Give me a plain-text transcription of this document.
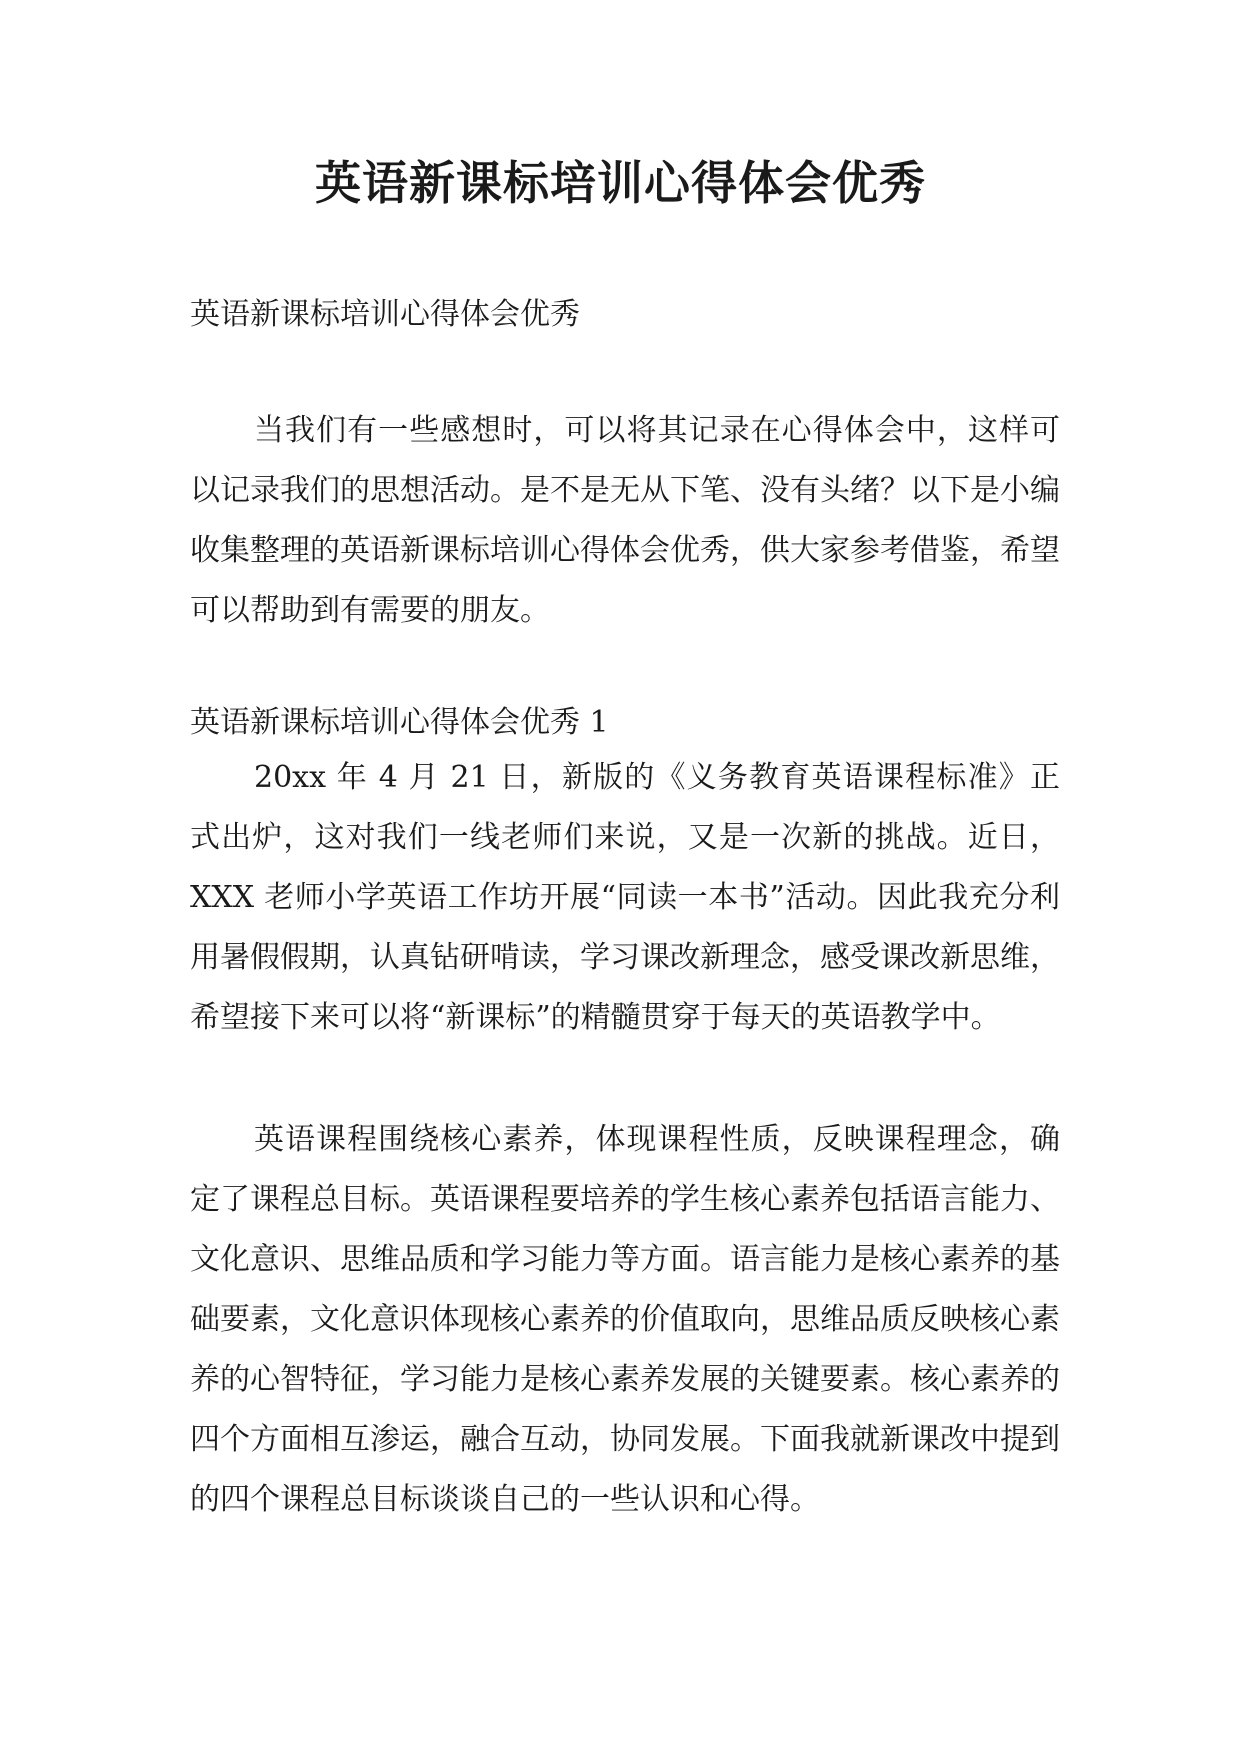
英语新课标培训心得体会优秀

英语新课标培训心得体会优秀

当我们有一些感想时，可以将其记录在心得体会中，这样可以记录我们的思想活动。是不是无从下笔、没有头绪？以下是小编收集整理的英语新课标培训心得体会优秀，供大家参考借鉴，希望可以帮助到有需要的朋友。

英语新课标培训心得体会优秀 1

20xx 年 4 月 21 日，新版的《义务教育英语课程标准》正式出炉，这对我们一线老师们来说，又是一次新的挑战。近日，XXX 老师小学英语工作坊开展“同读一本书”活动。因此我充分利用暑假假期，认真钻研啃读，学习课改新理念，感受课改新思维，希望接下来可以将“新课标”的精髓贯穿于每天的英语教学中。

英语课程围绕核心素养，体现课程性质，反映课程理念，确定了课程总目标。英语课程要培养的学生核心素养包括语言能力、文化意识、思维品质和学习能力等方面。语言能力是核心素养的基础要素，文化意识体现核心素养的价值取向，思维品质反映核心素养的心智特征，学习能力是核心素养发展的关键要素。核心素养的四个方面相互渗运，融合互动，协同发展。下面我就新课改中提到的四个课程总目标谈谈自己的一些认识和心得。
